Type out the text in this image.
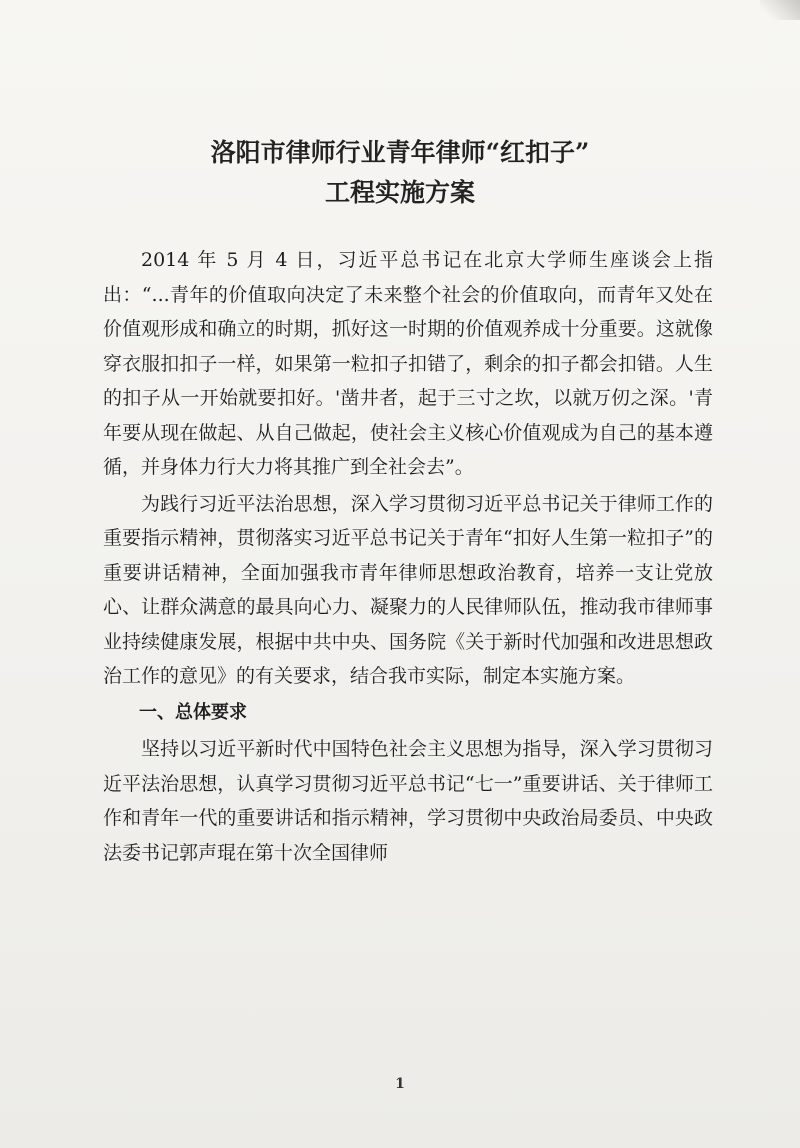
洛阳市律师行业青年律师“红扣子”
工程实施方案

2014 年 5 月 4 日，习近平总书记在北京大学师生座谈会上指出：“...青年的价值取向决定了未来整个社会的价值取向，而青年又处在价值观形成和确立的时期，抓好这一时期的价值观养成十分重要。这就像穿衣服扣扣子一样，如果第一粒扣子扣错了，剩余的扣子都会扣错。人生的扣子从一开始就要扣好。'凿井者，起于三寸之坎，以就万仞之深。'青年要从现在做起、从自己做起，使社会主义核心价值观成为自己的基本遵循，并身体力行大力将其推广到全社会去”。

为践行习近平法治思想，深入学习贯彻习近平总书记关于律师工作的重要指示精神，贯彻落实习近平总书记关于青年“扣好人生第一粒扣子”的重要讲话精神，全面加强我市青年律师思想政治教育，培养一支让党放心、让群众满意的最具向心力、凝聚力的人民律师队伍，推动我市律师事业持续健康发展，根据中共中央、国务院《关于新时代加强和改进思想政治工作的意见》的有关要求，结合我市实际，制定本实施方案。

一、总体要求

坚持以习近平新时代中国特色社会主义思想为指导，深入学习贯彻习近平法治思想，认真学习贯彻习近平总书记“七一”重要讲话、关于律师工作和青年一代的重要讲话和指示精神，学习贯彻中央政治局委员、中央政法委书记郭声琨在第十次全国律师

1
